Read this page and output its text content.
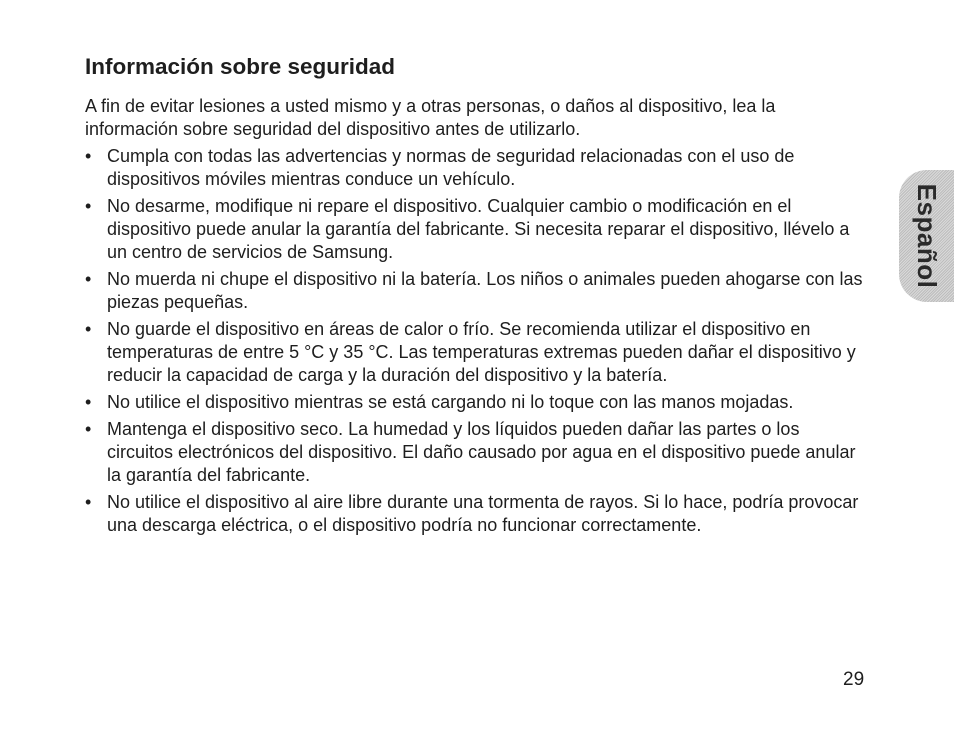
Información sobre seguridad

A fin de evitar lesiones a usted mismo y a otras personas, o daños al dispositivo, lea la información sobre seguridad del dispositivo antes de utilizarlo.

• Cumpla con todas las advertencias y normas de seguridad relacionadas con el uso de dispositivos móviles mientras conduce un vehículo.
• No desarme, modifique ni repare el dispositivo. Cualquier cambio o modificación en el dispositivo puede anular la garantía del fabricante. Si necesita reparar el dispositivo, llévelo a un centro de servicios de Samsung.
• No muerda ni chupe el dispositivo ni la batería. Los niños o animales pueden ahogarse con las piezas pequeñas.
• No guarde el dispositivo en áreas de calor o frío. Se recomienda utilizar el dispositivo en temperaturas de entre 5 °C y 35 °C. Las temperaturas extremas pueden dañar el dispositivo y reducir la capacidad de carga y la duración del dispositivo y la batería.
• No utilice el dispositivo mientras se está cargando ni lo toque con las manos mojadas.
• Mantenga el dispositivo seco. La humedad y los líquidos pueden dañar las partes o los circuitos electrónicos del dispositivo. El daño causado por agua en el dispositivo puede anular la garantía del fabricante.
• No utilice el dispositivo al aire libre durante una tormenta de rayos. Si lo hace, podría provocar una descarga eléctrica, o el dispositivo podría no funcionar correctamente.
Español
29
